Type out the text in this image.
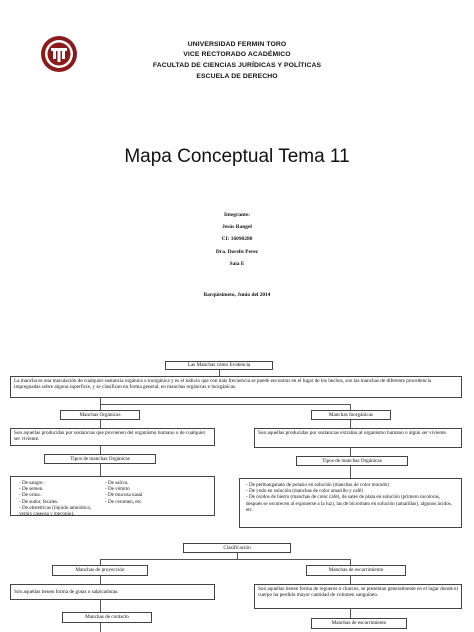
UNIVERSIDAD FERMIN TORO
VICE RECTORADO ACADÉMICO
FACULTAD DE CIENCIAS JURÍDICAS Y POLÍTICAS
ESCUELA DE DERECHO
Mapa Conceptual Tema 11
Integrante:
Jesús Rangel
CI: 16090280
Dra. Dorelis Perez
Saia E
Barquisimeto, Junio del 2014
Las Manchas como Evidencia
La mancha es una maculación de cualquier sustancia orgánica o inorgánica y es el indicio que con más frecuencia se puede encontrar en el lugar de los hechos, son las manchas de diferente procedencia impregnadas sobre alguna superficie, y se clasifican en forma general, en manchas orgánicas e inorgánicas.
Manchas Orgánicas
Son aquellas producidas por sustancias que provienen del organismo humano o de cualquier ser viviente.
Tipos de manchas Orgánicas
- De sangre.
- De semen.
- De orina.
- De sudor, fecales.
- De obstetricas (líquido amniótico, vernix caseosa y meconio).
- De saliva.
- De vómito
- De mucosa nasal
- De cerumen, etc.
Manchas Inorgánicas
Son aquellas producidas por sustancias extrañas al organismo humano o algún ser viviente.
Tipos de manchas Orgánicas
- De permanganato de potasio en solución (manchas de color morado)
- De yodo en solución (manchas de color amarillo y café)
- De óxidos de hierro (manchas de color café), de sales de plata en solución (primero incoloras, después se oscurecen al exponerse a la luz), las de bicromato en solución (amarillas), algunos ácidos, etc.
Clasificación
Manchas de proyección
Son aquellas tienen forma de gotas o salpicaduras.
Manchas de escurrimiento
Son aquellas tienen forma de regueros o charcos, se presentan generalmente en el lugar donde el cuerpo ha perdido mayor cantidad de volumen sanguíneo.
Manchas de contacto
Manchas de escurrimiento
